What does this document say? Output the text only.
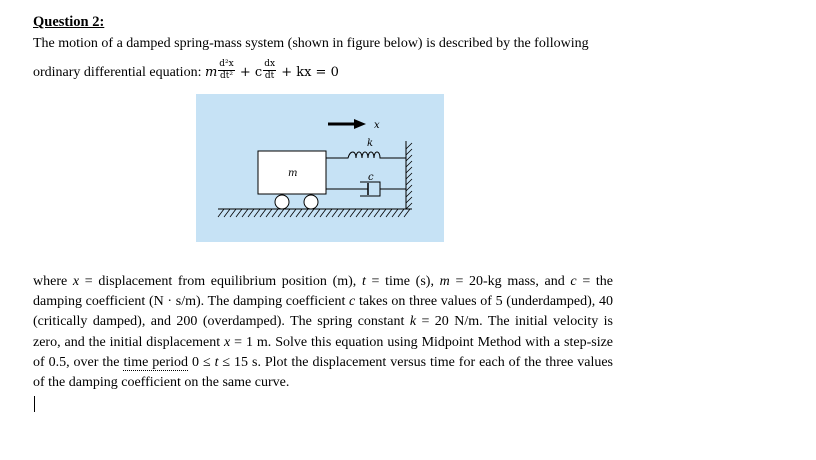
Question 2:
The motion of a damped spring-mass system (shown in figure below) is described by the following
ordinary differential equation: m $\frac{\text{d²x}}{\text{dt²}} + c \frac{dx}{dt}$ + kx = 0
x
m
k
c

where x = displacement from equilibrium position (m), t = time (s), m = 20-kg mass, and c = the damping coefficient (N · s/m). The damping coefficient c takes on three values of 5 (underdamped), 40 (critically damped), and 200 (overdamped). The spring constant k = 20 N/m. The initial velocity is zero, and the initial displacement x = 1 m. Solve this equation using Midpoint Method with a step-size of 0.5, over the time period 0 ≤ t ≤ 15 s. Plot the displacement versus time for each of the three values of the damping coefficient on the same curve.
